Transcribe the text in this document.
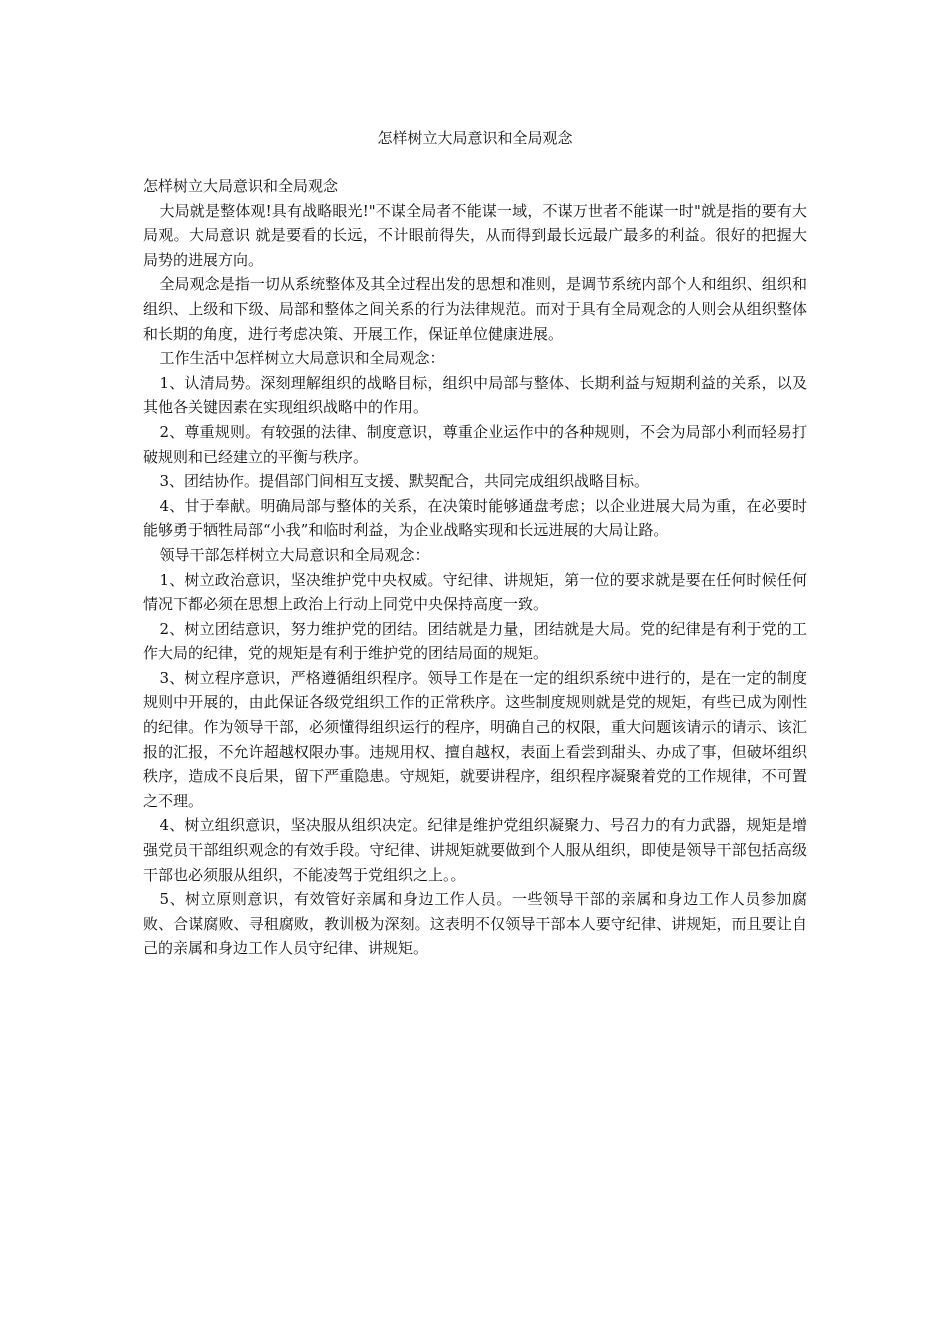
怎样树立大局意识和全局观念

怎样树立大局意识和全局观念

大局就是整体观!具有战略眼光!"不谋全局者不能谋一域，不谋万世者不能谋一时"就是指的要有大局观。大局意识 就是要看的长远，不计眼前得失，从而得到最长远最广最多的利益。很好的把握大局势的进展方向。

全局观念是指一切从系统整体及其全过程出发的思想和准则，是调节系统内部个人和组织、组织和组织、上级和下级、局部和整体之间关系的行为法律规范。而对于具有全局观念的人则会从组织整体和长期的角度，进行考虑决策、开展工作，保证单位健康进展。

工作生活中怎样树立大局意识和全局观念：

1、认清局势。深刻理解组织的战略目标，组织中局部与整体、长期利益与短期利益的关系，以及其他各关键因素在实现组织战略中的作用。

2、尊重规则。有较强的法律、制度意识，尊重企业运作中的各种规则，不会为局部小利而轻易打破规则和已经建立的平衡与秩序。

3、团结协作。提倡部门间相互支援、默契配合，共同完成组织战略目标。

4、甘于奉献。明确局部与整体的关系，在决策时能够通盘考虑；以企业进展大局为重，在必要时能够勇于牺牲局部“小我”和临时利益，为企业战略实现和长远进展的大局让路。

领导干部怎样树立大局意识和全局观念：

1、树立政治意识，坚决维护党中央权威。守纪律、讲规矩，第一位的要求就是要在任何时候任何情况下都必须在思想上政治上行动上同党中央保持高度一致。

2、树立团结意识，努力维护党的团结。团结就是力量，团结就是大局。党的纪律是有利于党的工作大局的纪律，党的规矩是有利于维护党的团结局面的规矩。

3、树立程序意识，严格遵循组织程序。领导工作是在一定的组织系统中进行的，是在一定的制度规则中开展的，由此保证各级党组织工作的正常秩序。这些制度规则就是党的规矩，有些已成为刚性的纪律。作为领导干部，必须懂得组织运行的程序，明确自己的权限，重大问题该请示的请示、该汇报的汇报，不允许超越权限办事。违规用权、擅自越权，表面上看尝到甜头、办成了事，但破坏组织秩序，造成不良后果，留下严重隐患。守规矩，就要讲程序，组织程序凝聚着党的工作规律，不可置之不理。

4、树立组织意识，坚决服从组织决定。纪律是维护党组织凝聚力、号召力的有力武器，规矩是增强党员干部组织观念的有效手段。守纪律、讲规矩就要做到个人服从组织，即使是领导干部包括高级干部也必须服从组织，不能凌驾于党组织之上。。

5、树立原则意识，有效管好亲属和身边工作人员。一些领导干部的亲属和身边工作人员参加腐败、合谋腐败、寻租腐败，教训极为深刻。这表明不仅领导干部本人要守纪律、讲规矩，而且要让自己的亲属和身边工作人员守纪律、讲规矩。
